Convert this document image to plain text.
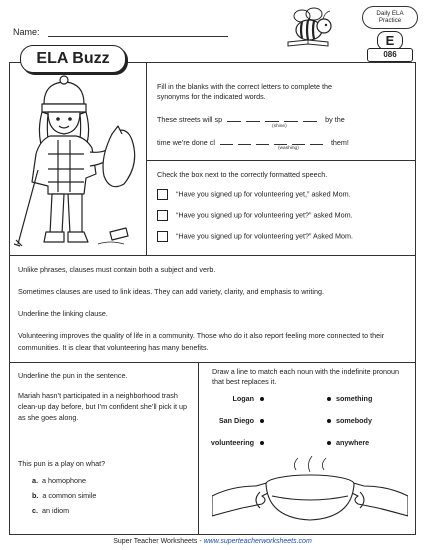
Name:
Daily ELA
Practice
E
086
ELA Buzz
Fill in the blanks with the correct letters to complete the synonyms for the indicated words.
These streets will sp	by the
(shine)
time we’re done cl	them!
(washing)
Check the box next to the correctly formatted speech.
“Have you signed up for volunteering yet,” asked Mom.
“Have you signed up for volunteering yet?” asked Mom.
“Have you signed up for volunteering yet?” Asked Mom.
Unlike phrases, clauses must contain both a subject and verb.
Sometimes clauses are used to link ideas. They can add variety, clarity, and emphasis to writing.
Underline the linking clause.
Volunteering improves the quality of life in a community. Those who do it also report feeling more connected to their communities. It is clear that volunteering has many benefits.
Underline the pun in the sentence.
Mariah hasn’t participated in a neighborhood trash clean-up day before, but I’m confident she’ll pick it up as she goes along.
This pun is a play on what?
a. a homophone
b. a common simile
c. an idiom
Draw a line to match each noun with the indefinite pronoun that best replaces it.
Logan
San Diego
volunteering
something
somebody
anywhere
Super Teacher Worksheets - www.superteacherworksheets.com
